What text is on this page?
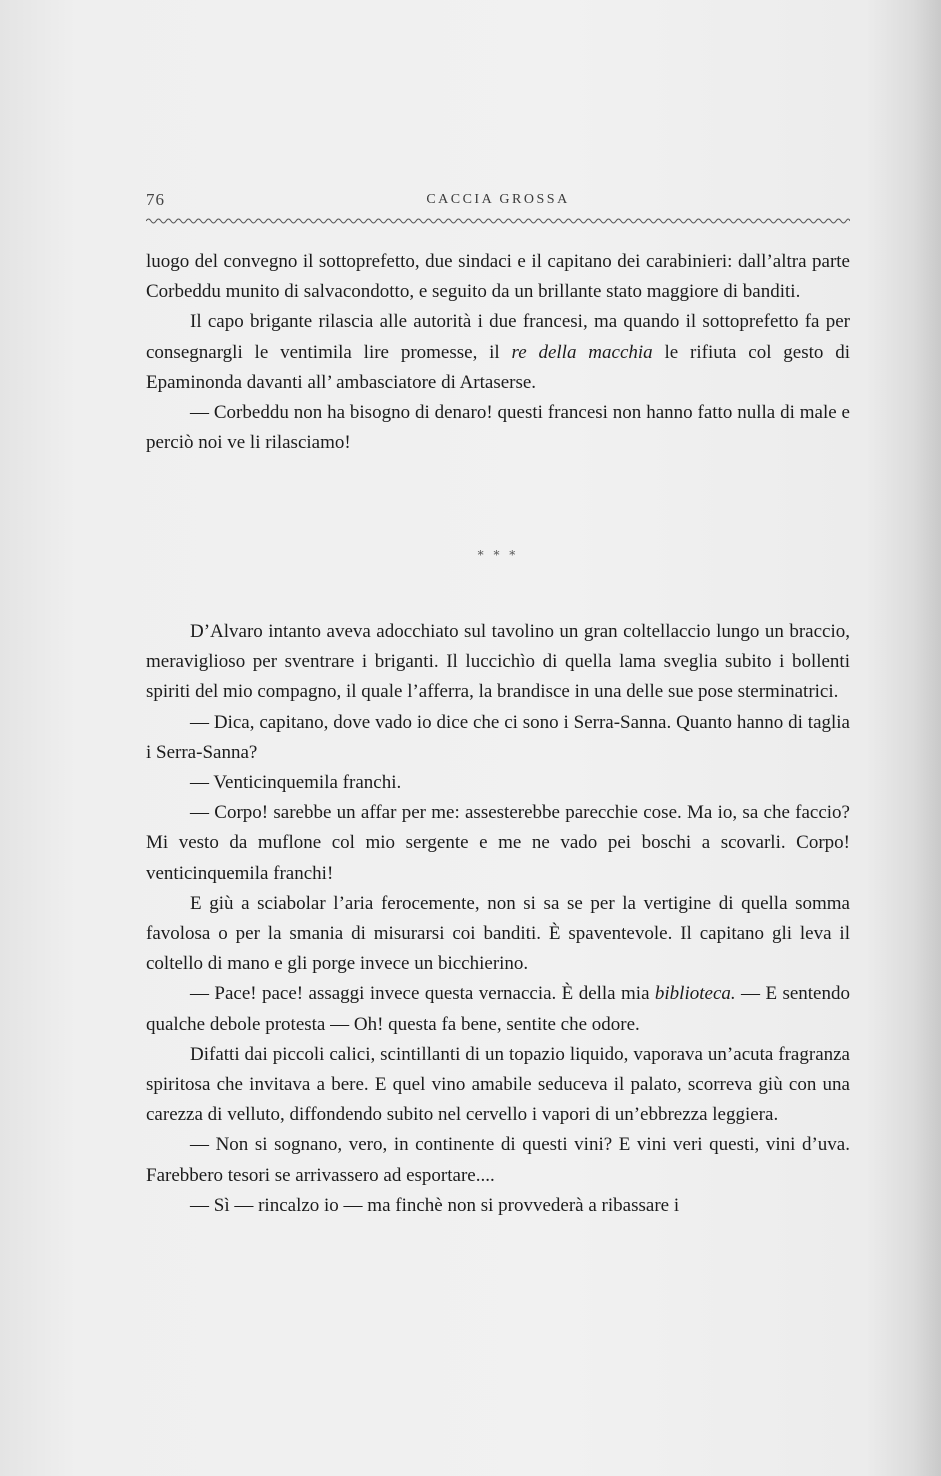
76	CACCIA GROSSA

luogo del convegno il sottoprefetto, due sindaci e il capitano dei carabinieri: dall’altra parte Corbeddu munito di salvacondotto, e seguito da un brillante stato maggiore di banditi.

Il capo brigante rilascia alle autorità i due francesi, ma quando il sottoprefetto fa per consegnargli le ventimila lire promesse, il re della macchia le rifiuta col gesto di Epaminonda davanti all’ ambasciatore di Artaserse.

— Corbeddu non ha bisogno di denaro! questi francesi non hanno fatto nulla di male e perciò noi ve li rilasciamo!

* * *

D’Alvaro intanto aveva adocchiato sul tavolino un gran coltellaccio lungo un braccio, meraviglioso per sventrare i briganti. Il luccichìo di quella lama sveglia subito i bollenti spiriti del mio compagno, il quale l’afferra, la brandisce in una delle sue pose sterminatrici.

— Dica, capitano, dove vado io dice che ci sono i Serra-Sanna. Quanto hanno di taglia i Serra-Sanna?

— Venticinquemila franchi.

— Corpo! sarebbe un affar per me: assesterebbe parecchie cose. Ma io, sa che faccio? Mi vesto da muflone col mio sergente e me ne vado pei boschi a scovarli. Corpo! venticinquemila franchi!

E giù a sciabolar l’aria ferocemente, non si sa se per la vertigine di quella somma favolosa o per la smania di misurarsi coi banditi. È spaventevole. Il capitano gli leva il coltello di mano e gli porge invece un bicchierino.

— Pace! pace! assaggi invece questa vernaccia. È della mia biblioteca. — E sentendo qualche debole protesta — Oh! questa fa bene, sentite che odore.

Difatti dai piccoli calici, scintillanti di un topazio liquido, vaporava un’acuta fragranza spiritosa che invitava a bere. E quel vino amabile seduceva il palato, scorreva giù con una carezza di velluto, diffondendo subito nel cervello i vapori di un’ebbrezza leggiera.

— Non si sognano, vero, in continente di questi vini? E vini veri questi, vini d’uva. Farebbero tesori se arrivassero ad esportare....

— Sì — rincalzo io — ma finchè non si provvederà a ribassare i
